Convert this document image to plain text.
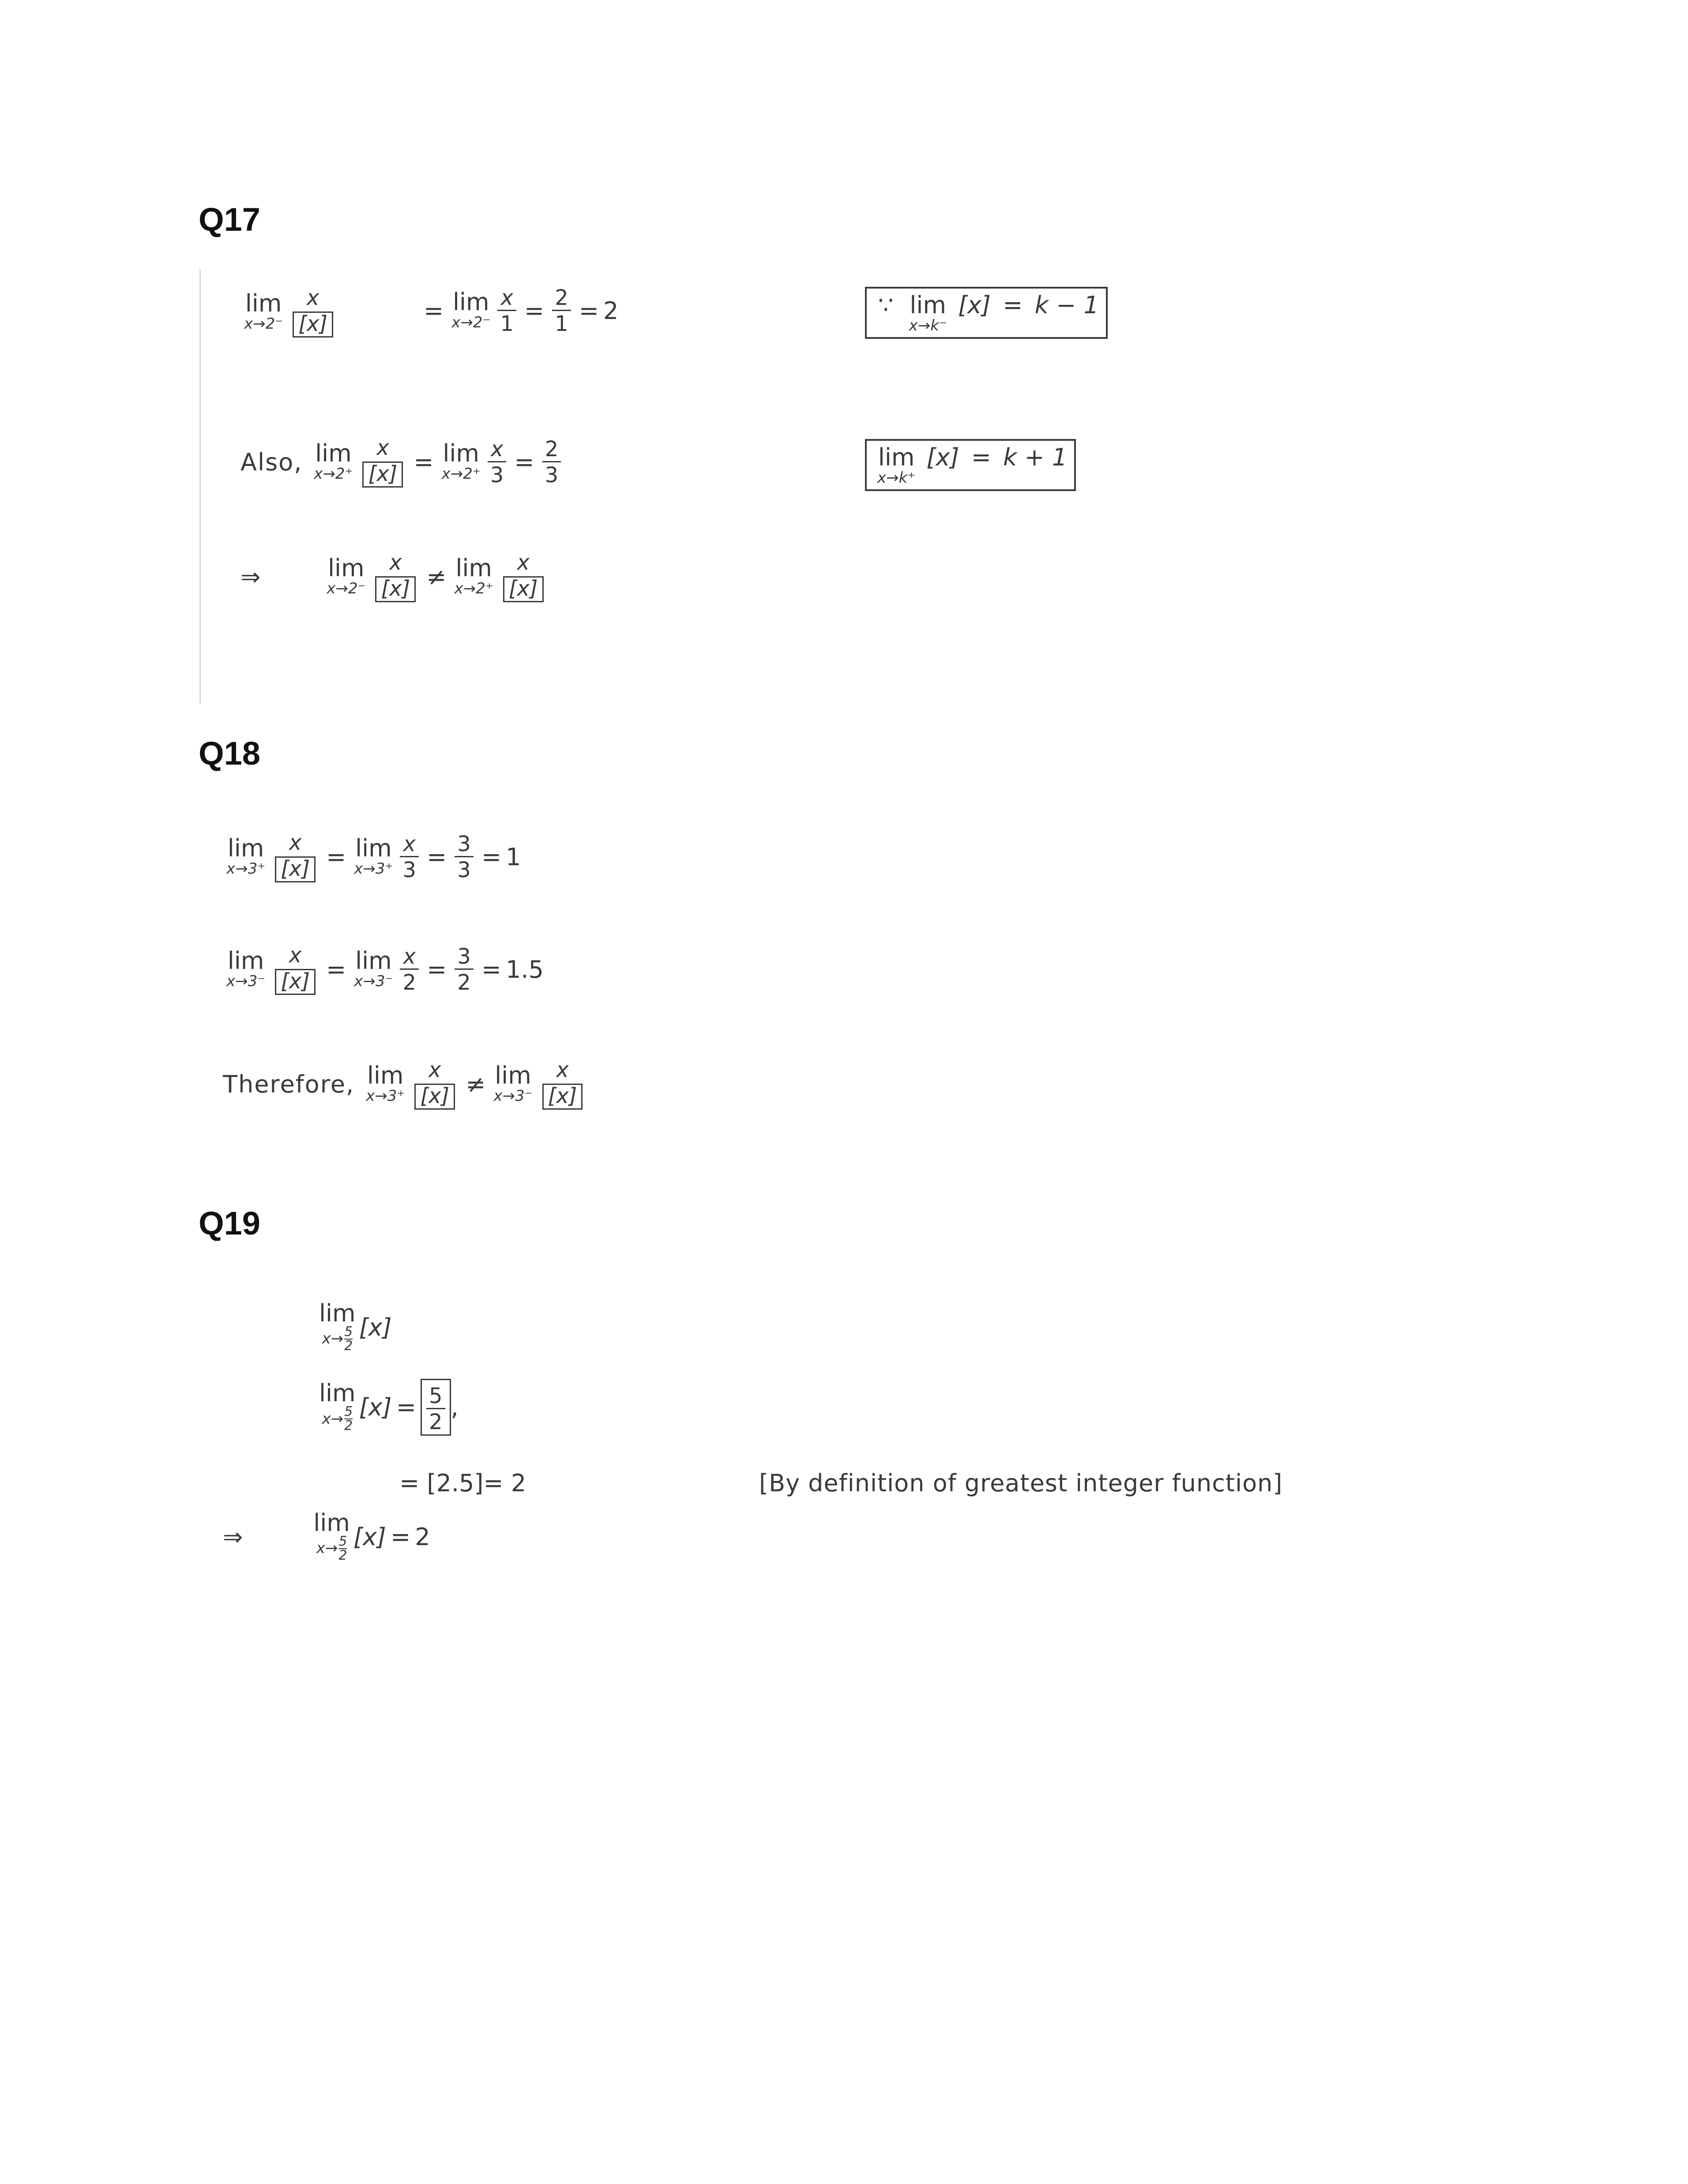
Q17
lim
x→2⁻
x
[x]	= lim
$x\to 2^- \frac{x}{1} = \frac{2}{1} = 2$	∵ lim
x→k⁻
[x] = k − 1
Also, lim
x→2⁺
x
[x] = lim
$x\to 2^+ \frac{x}{3} = \frac{2}{3}$	lim
x→k⁺
[x] = k + 1
⇒	lim
x→2⁻
x
[x] ≠ lim
x→2⁺
x
[x]
Q18
lim
x→3⁺
x
[x] = lim
$x\to 3^+ \frac{x}{3} = \frac{3}{3} = 1$
lim
x→3⁻
x
[x] = lim
$x\to 3^- \frac{x}{2} = \frac{3}{2} = 1.5$
Therefore, lim
x→3⁺
x
[x] ≠ lim
x→3⁻
x
[x]
Q19
lim
x→ 5
2
[x]
lim
x→ 5
2
$[x] = \frac{5}{2}$ ,
= [2.5]= 2	[By definition of greatest integer function]
⇒	lim
x→ 5
2
[x] = 2
